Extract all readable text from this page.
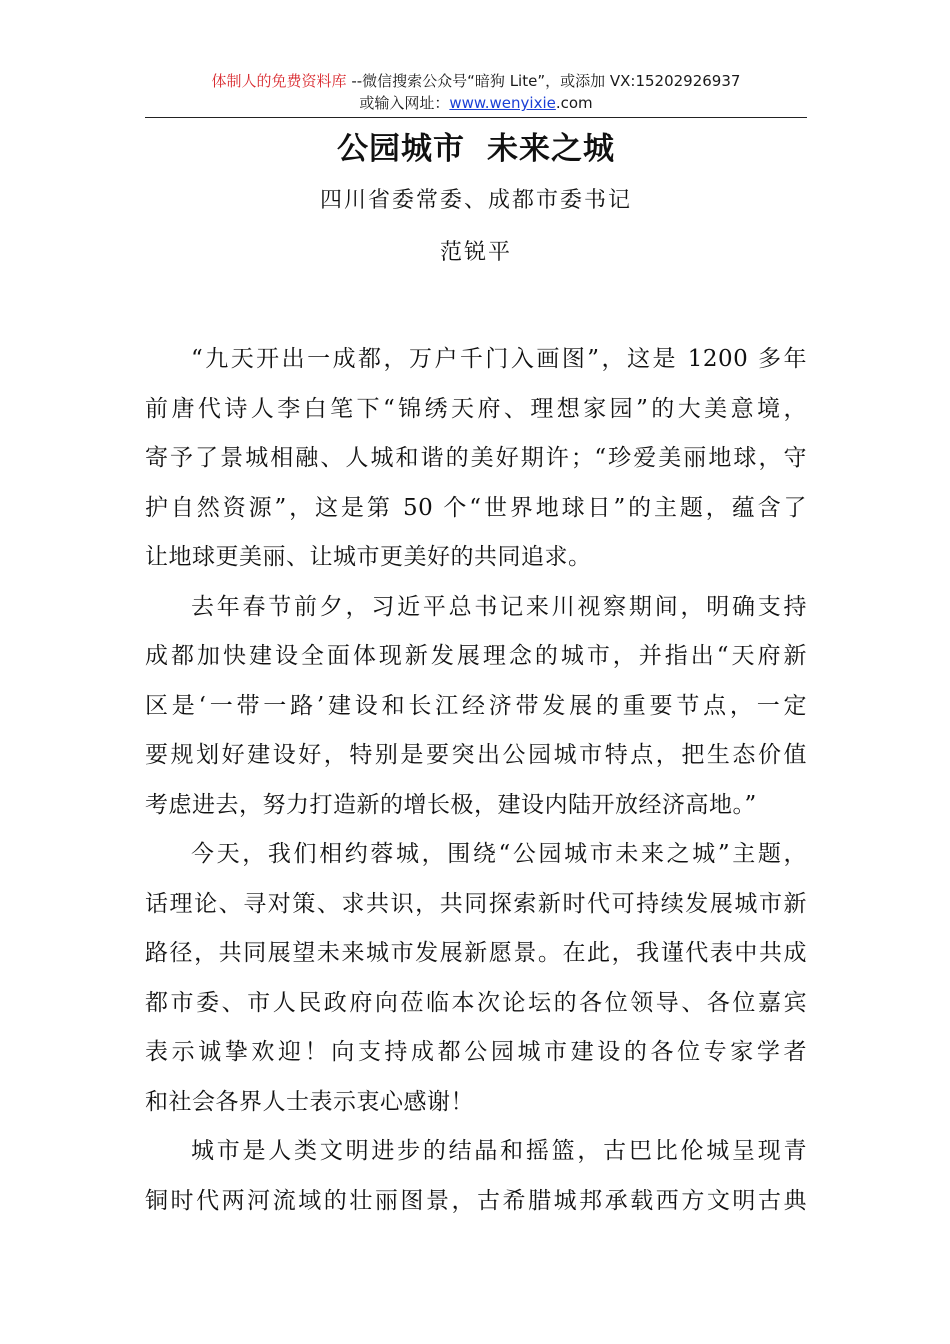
体制人的免费资料库 --微信搜索公众号“暗狗 Lite”，或添加 VX:15202926937
或输入网址：www.wenyixie.com
公园城市 未来之城
四川省委常委、成都市委书记
范锐平

“九天开出一成都，万户千门入画图”，这是 1200 多年
前唐代诗人李白笔下“锦绣天府、理想家园”的大美意境，
寄予了景城相融、人城和谐的美好期许；“珍爱美丽地球，守
护自然资源”，这是第 50 个“世界地球日”的主题，蕴含了
让地球更美丽、让城市更美好的共同追求。

去年春节前夕，习近平总书记来川视察期间，明确支持
成都加快建设全面体现新发展理念的城市，并指出“天府新
区是‘一带一路’建设和长江经济带发展的重要节点，一定
要规划好建设好，特别是要突出公园城市特点，把生态价值
考虑进去，努力打造新的增长极，建设内陆开放经济高地。”

今天，我们相约蓉城，围绕“公园城市未来之城”主题，
话理论、寻对策、求共识，共同探索新时代可持续发展城市新
路径，共同展望未来城市发展新愿景。在此，我谨代表中共成
都市委、市人民政府向莅临本次论坛的各位领导、各位嘉宾
表示诚挚欢迎！向支持成都公园城市建设的各位专家学者
和社会各界人士表示衷心感谢！

城市是人类文明进步的结晶和摇篮，古巴比伦城呈现青
铜时代两河流域的壮丽图景，古希腊城邦承载西方文明古典
